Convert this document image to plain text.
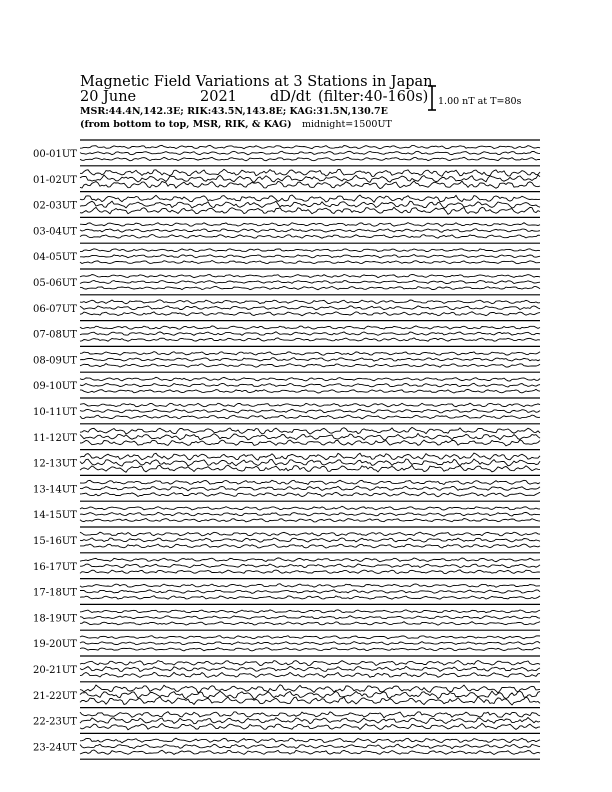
Magnetic Field Variations at 3 Stations in Japan
20 June	2021 dD/dt (filter:40-160s)
MSR:44.4N,142.3E; RIK:43.5N,143.8E; KAG:31.5N,130.7E
(from bottom to top, MSR, RIK, & KAG) midnight=1500UT
1.00 nT at T=80s
00-01UT
01-02UT
02-03UT
03-04UT
04-05UT
05-06UT
06-07UT
07-08UT
08-09UT
09-10UT
10-11UT
11-12UT
12-13UT
13-14UT
14-15UT
15-16UT
16-17UT
17-18UT
18-19UT
19-20UT
20-21UT
21-22UT
22-23UT
23-24UT
